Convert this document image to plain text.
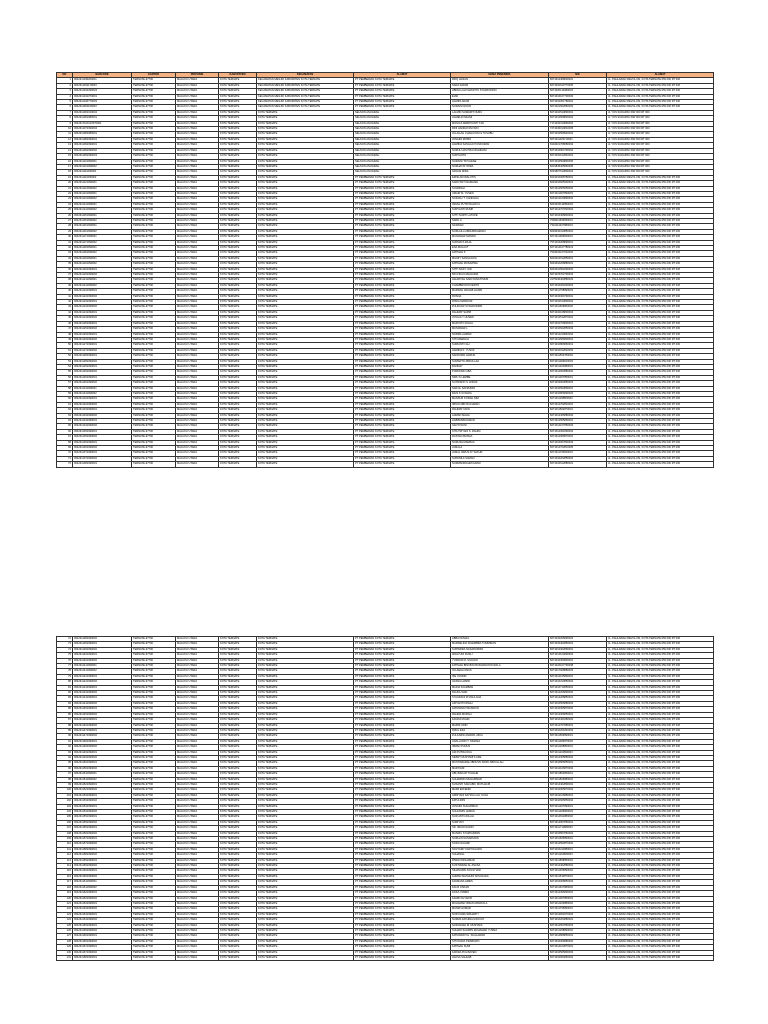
NO	BARCODE	KANTOR	PROVINSI	KABUPATEN	KECAMATAN	ALAMAT	NAMA PENERIMA	NIK	ALAMAT
1	0042311030200011	TERNATE-97700	MALUKU UTARA	KOTA TERNATE	KECAMATAN MESJID KABUPATEN KOTA TERNATE	PT PEMBERIAN KOTA TERNATE	RIFQ HASAN	8271014408030001	JL. PAHLAWAN REVOLUSI, KOTA TERNATE RW 000 RT 000
2	0042311031170003	TERNATE-97700	MALUKU UTARA	KOTA TERNATE	KECAMATAN MESJID KABUPATEN KOTA TERNATE	PT PEMBERIAN KOTA TERNATE	SARA SAFAR	8271010610770005	JL. PAHLAWAN REVOLUSI, KOTA TERNATE RW 000 RT 000
3	0042311031290003	TERNATE-97700	MALUKU UTARA	KOTA TERNATE	KECAMATAN MESJID KABUPATEN KOTA TERNATE	PT PEMBERIAN KOTA TERNATE	ABDULLAH FAMUNTO SYAFRUDDIN	8271020112680004	JL. PAHLAWAN REVOLUSI, KOTA TERNATE RW 000 RT 000
4	0042311041070001	TERNATE-97700	MALUKU UTARA	KOTA TERNATE	KECAMATAN MESJID KABUPATEN KOTA TERNATE	PT PEMBERIAN KOTA TERNATE	ELMI	8271016107700003	JL. PAHLAWAN REVOLUSI, KOTA TERNATE RW 000 RT 000
5	0042311040770003	TERNATE-97700	MALUKU UTARA	KOTA TERNATE	KECAMATAN MESJID KABUPATEN KOTA TERNATE	PT PEMBERIAN KOTA TERNATE	HAMIDI ADAM	8271016301780001	JL. PAHLAWAN REVOLUSI, KOTA TERNATE RW 000 RT 000
6	0042311051160003	TERNATE-97700	MALUKU UTARA	KOTA TERNATE	KECAMATAN MESJID KABUPATEN KOTA TERNATE	PT PEMBERIAN KOTA TERNATE	NURAINI NOUR	8271021602860002	JL. PAHLAWAN REVOLUSI, KOTA TERNATE RW 000 RT 000
7	0042311061010004	TERNATE-97700	MALUKU UTARA	KOTA TERNATE	KOTA TERNATE	NELSON ANUGRAH	LALMIN SUWARIT NURU	8271010510890001	JL YOS SUDARSO RW 000 RT 000
8	0042311061080001	TERNATE-97700	MALUKU UTARA	KOTA TERNATE	KOTA TERNATE	NELSON ANUGRAH	HAMELIN NELMI	8271014508830004	JL YOS SUDARSO RW 000 RT 000
9	0042317101010070001	TERNATE-97700	MALUKU UTARA	KOTA TERNATE	KOTA TERNATE	NELSON ANUGRAH	MONICA FEBRIYANTI TJIA	7171016310890002	JL YOS SUDARSO RW 000 RT 000
10	0042311071090004	TERNATE-97700	MALUKU UTARA	KOTA TERNATE	KOTA TERNATE	NELSON ANUGRAH	RINI HANDAYANI WAY	7271046010810005	JL YOS SUDARSO RW 000 RT 000
11	0042311081080001	TERNATE-97700	MALUKU UTARA	KOTA TERNATE	KOTA TERNATE	NELSON ANUGRAH	JULAILAH CHAHAYANI & TUSUBU	8271016508940003	JL YOS SUDARSO RW 000 RT 000
12	0042311081090001	TERNATE-97700	MALUKU UTARA	KOTA TERNATE	KOTA TERNATE	NELSON ANUGRAH	JUNAIDI MOMO	8271011103710001	JL YOS SUDARSO RW 000 RT 000
13	0042311091090001	TERNATE-97700	MALUKU UTARA	KOTA TERNATE	KOTA TERNATE	NELSON ANUGRAH	HAMIDA SANGAJI PUNDURAN	8104021708680002	JL YOS SUDARSO RW 000 RT 000
14	0042311091090002	TERNATE-97700	MALUKU UTARA	KOTA TERNATE	KOTA TERNATE	NELSON ANUGRAH	NURUL HASYRIA NISHIDANI	8271016904790004	JL YOS SUDARSO RW 000 RT 000
15	0042311091090003	TERNATE-97700	MALUKU UTARA	KOTA TERNATE	KOTA TERNATE	NELSON ANUGRAH	SURYANTO	8271010102840001	JL YOS SUDARSO RW 000 RT 000
16	0042311101090001	TERNATE-97700	MALUKU UTARA	KOTA TERNATE	KOTA TERNATE	NELSON ANUGRAH	NURAINI TATULESE	8271016509890005	JL YOS SUDARSO RW 000 RT 000
17	0042311101090002	TERNATE-97700	MALUKU UTARA	KOTA TERNATE	KOTA TERNATE	NELSON ANUGRAH	NURHAYATI RIRA	8201845405860005	JL YOS SUDARSO RW 000 RT 000
18	0042311111090001	TERNATE-97700	MALUKU UTARA	KOTA TERNATE	KOTA TERNATE	NELSON ANUGRAH	GRACE MIRA	8201807510890004	JL YOS SUDARSO RW 000 RT 000
19	0042311111090002	TERNATE-97700	MALUKU UTARA	KOTA TERNATE	KOTA TERNATE	PT PEMBERIAN KOTA TERNATE	ERNILAM WALUTIS	8201016008780001	JL. PAHLAWAN REVOLUSI, KOTA TERNATE RW 000 RT 000
20	0042311121090001	TERNATE-97700	MALUKU UTARA	KOTA TERNATE	KOTA TERNATE	PT PEMBERIAN KOTA TERNATE	SARIYANTI RAMANIA	8201016605900001	JL. PAHLAWAN REVOLUSI, KOTA TERNATE RW 000 RT 000
21	0042311121090002	TERNATE-97700	MALUKU UTARA	KOTA TERNATE	KOTA TERNATE	PT PEMBERIAN KOTA TERNATE	SYARIFAH	8271014505650002	JL. PAHLAWAN REVOLUSI, KOTA TERNATE RW 000 RT 000
22	0042311131090001	TERNATE-97700	MALUKU UTARA	KOTA TERNATE	KOTA TERNATE	PT PEMBERIAN KOTA TERNATE	UMAIR M. YUSEN	8271011007890003	JL. PAHLAWAN REVOLUSI, KOTA TERNATE RW 000 RT 000
23	0042311131090002	TERNATE-97700	MALUKU UTARA	KOTA TERNATE	KOTA TERNATE	PT PEMBERIAN KOTA TERNATE	NURJALI T. KANDAHA	8201014109890002	JL. PAHLAWAN REVOLUSI, KOTA TERNATE RW 000 RT 000
24	0042311141090001	TERNATE-97700	MALUKU UTARA	KOTA TERNATE	KOTA TERNATE	PT PEMBERIAN KOTA TERNATE	INDAH PUTRI RAHAYU	8201015110890003	JL. PAHLAWAN REVOLUSI, KOTA TERNATE RW 000 RT 000
25	0042311141090002	TERNATE-97700	MALUKU UTARA	KOTA TERNATE	KOTA TERNATE	PT PEMBERIAN KOTA TERNATE	SURYANTI RUMP	8271014707820002	JL. PAHLAWAN REVOLUSI, KOTA TERNATE RW 000 RT 000
26	0042311151090001	TERNATE-97700	MALUKU UTARA	KOTA TERNATE	KOTA TERNATE	PT PEMBERIAN KOTA TERNATE	SITTI NURTI LATUPE	8271016405820001	JL. PAHLAWAN REVOLUSI, KOTA TERNATE RW 000 RT 000
27	0042311151090002	TERNATE-97700	MALUKU UTARA	KOTA TERNATE	KOTA TERNATE	PT PEMBERIAN KOTA TERNATE	SARIL A	7609011606830001	JL. PAHLAWAN REVOLUSI, KOTA TERNATE RW 000 RT 000
28	0042311161090001	TERNATE-97700	MALUKU UTARA	KOTA TERNATE	KOTA TERNATE	PT PEMBERIAN KOTA TERNATE	NASIDAD	7310112407880001	JL. PAHLAWAN REVOLUSI, KOTA TERNATE RW 000 RT 000
29	0042311161090002	TERNATE-97700	MALUKU UTARA	KOTA TERNATE	KOTA TERNATE	PT PEMBERIAN KOTA TERNATE	NURLAILA ABDURRAHMAN	8203034310850001	JL. PAHLAWAN REVOLUSI, KOTA TERNATE RW 000 RT 000
30	0042311171090001	TERNATE-97700	MALUKU UTARA	KOTA TERNATE	KOTA TERNATE	PT PEMBERIAN KOTA TERNATE	MUNAWAR MANDO	8271011906830001	JL. PAHLAWAN REVOLUSI, KOTA TERNATE RW 000 RT 000
31	0042311171090002	TERNATE-97700	MALUKU UTARA	KOTA TERNATE	KOTA TERNATE	PT PEMBERIAN KOTA TERNATE	SUKMAYA RAJA	7571016208890001	JL. PAHLAWAN REVOLUSI, KOTA TERNATE RW 000 RT 000
32	0042311181090001	TERNATE-97700	MALUKU UTARA	KOTA TERNATE	KOTA TERNATE	PT PEMBERIAN KOTA TERNATE	ENA MALAUT	8271014107780013	JL. PAHLAWAN REVOLUSI, KOTA TERNATE RW 000 RT 000
33	0042311181090002	TERNATE-97700	MALUKU UTARA	KOTA TERNATE	KOTA TERNATE	PT PEMBERIAN KOTA TERNATE	FATIMAH P	7504016107640002	JL. PAHLAWAN REVOLUSI, KOTA TERNATE RW 000 RT 000
34	0042311191090001	TERNATE-97700	MALUKU UTARA	KOTA TERNATE	KOTA TERNATE	PT PEMBERIAN KOTA TERNATE	MILMIY SANGAJAYA	8201014612850001	JL. PAHLAWAN REVOLUSI, KOTA TERNATE RW 000 RT 000
35	0042311191090002	TERNATE-97700	MALUKU UTARA	KOTA TERNATE	KOTA TERNATE	PT PEMBERIAN KOTA TERNATE	FATIMAH MUSAWWA	8201010208880001	JL. PAHLAWAN REVOLUSI, KOTA TERNATE RW 000 RT 000
36	0042311201090001	TERNATE-97700	MALUKU UTARA	KOTA TERNATE	KOTA TERNATE	PT PEMBERIAN KOTA TERNATE	SITTI NASY 'AID	8201012501890002	JL. PAHLAWAN REVOLUSI, KOTA TERNATE RW 000 RT 000
37	0042311201090002	TERNATE-97700	MALUKU UTARA	KOTA TERNATE	KOTA TERNATE	PT PEMBERIAN KOTA TERNATE	RIN FIKA DJAUHARIA	8271015702790003	JL. PAHLAWAN REVOLUSI, KOTA TERNATE RW 000 RT 000
38	0042311211090001	TERNATE-97700	MALUKU UTARA	KOTA TERNATE	KOTA TERNATE	PT PEMBERIAN KOTA TERNATE	HALWIYAH SADI PANGTISINS	3175046403880003	JL. PAHLAWAN REVOLUSI, KOTA TERNATE RW 000 RT 000
39	0042311211090002	TERNATE-97700	MALUKU UTARA	KOTA TERNATE	KOTA TERNATE	PT PEMBERIAN KOTA TERNATE	CHAMBRUDIN KERTO	8271016201820004	JL. PAHLAWAN REVOLUSI, KOTA TERNATE RW 000 RT 000
40	0042311221090001	TERNATE-97700	MALUKU UTARA	KOTA TERNATE	KOTA TERNATE	PT PEMBERIAN KOTA TERNATE	MARDAH WAHAB HANIN	8271011708890003	JL. PAHLAWAN REVOLUSI, KOTA TERNATE RW 000 RT 000
41	0042311221090002	TERNATE-97700	MALUKU UTARA	KOTA TERNATE	KOTA TERNATE	PT PEMBERIAN KOTA TERNATE	ROSNA	8271016309790001	JL. PAHLAWAN REVOLUSI, KOTA TERNATE RW 000 RT 000
42	0042311231090001	TERNATE-97700	MALUKU UTARA	KOTA TERNATE	KOTA TERNATE	PT PEMBERIAN KOTA TERNATE	RISKA MARDANI	8271016610890003	JL. PAHLAWAN REVOLUSI, KOTA TERNATE RW 000 RT 000
43	0042311231090002	TERNATE-97700	MALUKU UTARA	KOTA TERNATE	KOTA TERNATE	PT PEMBERIAN KOTA TERNATE	ZULFIKAR SYAHRUDDIN	8271011609860002	JL. PAHLAWAN REVOLUSI, KOTA TERNATE RW 000 RT 000
44	0042311241090001	TERNATE-97700	MALUKU UTARA	KOTA TERNATE	KOTA TERNATE	PT PEMBERIAN KOTA TERNATE	RAHMAT SAPRI	8271010108830004	JL. PAHLAWAN REVOLUSI, KOTA TERNATE RW 000 RT 000
45	0042311241090002	TERNATE-97700	MALUKU UTARA	KOTA TERNATE	KOTA TERNATE	PT PEMBERIAN KOTA TERNATE	JUNILIA Y HUSEN	8271014512870001	JL. PAHLAWAN REVOLUSI, KOTA TERNATE RW 000 RT 000
46	0042311251090001	TERNATE-97700	MALUKU UTARA	KOTA TERNATE	KOTA TERNATE	PT PEMBERIAN KOTA TERNATE	MARYATO DJALU	8271010709800001	JL. PAHLAWAN REVOLUSI, KOTA TERNATE RW 000 RT 000
47	0042311251090002	TERNATE-97700	MALUKU UTARA	KOTA TERNATE	KOTA TERNATE	PT PEMBERIAN KOTA TERNATE	MUNAWAR L	8271016602850002	JL. PAHLAWAN REVOLUSI, KOTA TERNATE RW 000 RT 000
48	0042311261090001	TERNATE-97700	MALUKU UTARA	KOTA TERNATE	KOTA TERNATE	PT PEMBERIAN KOTA TERNATE	NORMA AHMAD	8271014210840004	JL. PAHLAWAN REVOLUSI, KOTA TERNATE RW 000 RT 000
49	0042311261090002	TERNATE-97700	MALUKU UTARA	KOTA TERNATE	KOTA TERNATE	PT PEMBERIAN KOTA TERNATE	SITI MAEDAH	8271014506800001	JL. PAHLAWAN REVOLUSI, KOTA TERNATE RW 000 RT 000
50	0042311271090001	TERNATE-97700	MALUKU UTARA	KOTA TERNATE	KOTA TERNATE	PT PEMBERIAN KOTA TERNATE	SURIANTO ALI	8271010806860001	JL. PAHLAWAN REVOLUSI, KOTA TERNATE RW 000 RT 000
51	0042311271090002	TERNATE-97700	MALUKU UTARA	KOTA TERNATE	KOTA TERNATE	PT PEMBERIAN KOTA TERNATE	HAMIDA K. YUSUF	8271016012810003	JL. PAHLAWAN REVOLUSI, KOTA TERNATE RW 000 RT 000
52	0042311281090001	TERNATE-97700	MALUKU UTARA	KOTA TERNATE	KOTA TERNATE	PT PEMBERIAN KOTA TERNATE	SAFRUDIN HARUN	8271011503780002	JL. PAHLAWAN REVOLUSI, KOTA TERNATE RW 000 RT 000
53	0042311281090002	TERNATE-97700	MALUKU UTARA	KOTA TERNATE	KOTA TERNATE	PT PEMBERIAN KOTA TERNATE	SUMARTO ABDULLAH	8271011009810003	JL. PAHLAWAN REVOLUSI, KOTA TERNATE RW 000 RT 000
54	0042311291090001	TERNATE-97700	MALUKU UTARA	KOTA TERNATE	KOTA TERNATE	PT PEMBERIAN KOTA TERNATE	RANDAY	8271011204880001	JL. PAHLAWAN REVOLUSI, KOTA TERNATE RW 000 RT 000
55	0042311291090002	TERNATE-97700	MALUKU UTARA	KOTA TERNATE	KOTA TERNATE	PT PEMBERIAN KOTA TERNATE	PURNOMO ABA	8271014903880002	JL. PAHLAWAN REVOLUSI, KOTA TERNATE RW 000 RT 000
56	0042311301090001	TERNATE-97700	MALUKU UTARA	KOTA TERNATE	KOTA TERNATE	PT PEMBERIAN KOTA TERNATE	NIRU S LEMBE	8271011307850001	JL. PAHLAWAN REVOLUSI, KOTA TERNATE RW 000 RT 000
57	0042311301090002	TERNATE-97700	MALUKU UTARA	KOTA TERNATE	KOTA TERNATE	PT PEMBERIAN KOTA TERNATE	SUTRISNO S. DIRUS	8271015003850003	JL. PAHLAWAN REVOLUSI, KOTA TERNATE RW 000 RT 000
58	0042311311090001	TERNATE-97700	MALUKU UTARA	KOTA TERNATE	KOTA TERNATE	PT PEMBERIAN KOTA TERNATE	SAIFUL SAFRUDIN	8271016503890001	JL. PAHLAWAN REVOLUSI, KOTA TERNATE RW 000 RT 000
59	0042311311090002	TERNATE-97700	MALUKU UTARA	KOTA TERNATE	KOTA TERNATE	PT PEMBERIAN KOTA TERNATE	RAIS S SYAHDA	8271010806890002	JL. PAHLAWAN REVOLUSI, KOTA TERNATE RW 000 RT 000
60	0042311321090001	TERNATE-97700	MALUKU UTARA	KOTA TERNATE	KOTA TERNATE	PT PEMBERIAN KOTA TERNATE	MANSUR KORAH NIM	8271011108860003	JL. PAHLAWAN REVOLUSI, KOTA TERNATE RW 000 RT 000
61	0042311321090002	TERNATE-97700	MALUKU UTARA	KOTA TERNATE	KOTA TERNATE	PT PEMBERIAN KOTA TERNATE	IRFAN ABD RACHMAN	8271014702810001	JL. PAHLAWAN REVOLUSI, KOTA TERNATE RW 000 RT 000
62	0042311331090001	TERNATE-97700	MALUKU UTARA	KOTA TERNATE	KOTA TERNATE	PT PEMBERIAN KOTA TERNATE	RAHMAT UDIN	8271011502870001	JL. PAHLAWAN REVOLUSI, KOTA TERNATE RW 000 RT 000
63	0042311331090002	TERNATE-97700	MALUKU UTARA	KOTA TERNATE	KOTA TERNATE	PT PEMBERIAN KOTA TERNATE	AHMAD MAHA	8271014405880002	JL. PAHLAWAN REVOLUSI, KOTA TERNATE RW 000 RT 000
64	0042311341090001	TERNATE-97700	MALUKU UTARA	KOTA TERNATE	KOTA TERNATE	PT PEMBERIAN KOTA TERNATE	HABIBURRAHMAN	8271012505890001	JL. PAHLAWAN REVOLUSI, KOTA TERNATE RW 000 RT 000
65	0042311341090002	TERNATE-97700	MALUKU UTARA	KOTA TERNATE	KOTA TERNATE	PT PEMBERIAN KOTA TERNATE	SANTI NUNI	8271014107850004	JL. PAHLAWAN REVOLUSI, KOTA TERNATE RW 000 RT 000
66	0042311351090001	TERNATE-97700	MALUKU UTARA	KOTA TERNATE	KOTA TERNATE	PT PEMBERIAN KOTA TERNATE	SITA TRIYANI S. RAHIM	8271014301890002	JL. PAHLAWAN REVOLUSI, KOTA TERNATE RW 000 RT 000
67	0042311351090002	TERNATE-97700	MALUKU UTARA	KOTA TERNATE	KOTA TERNATE	PT PEMBERIAN KOTA TERNATE	RUSTAN BUNGA	8271014006870001	JL. PAHLAWAN REVOLUSI, KOTA TERNATE RW 000 RT 000
68	0042311361090001	TERNATE-97700	MALUKU UTARA	KOTA TERNATE	KOTA TERNATE	PT PEMBERIAN KOTA TERNATE	NURLIFA MAHBUA	8271016007830003	JL. PAHLAWAN REVOLUSI, KOTA TERNATE RW 000 RT 000
69	0042311361090002	TERNATE-97700	MALUKU UTARA	KOTA TERNATE	KOTA TERNATE	PT PEMBERIAN KOTA TERNATE	JAMALA	8271014702810005	JL. PAHLAWAN REVOLUSI, KOTA TERNATE RW 000 RT 000
70	0042311371090001	TERNATE-97700	MALUKU UTARA	KOTA TERNATE	KOTA TERNATE	PT PEMBERIAN KOTA TERNATE	JAMAL IDRUS AY SAFUR	8271011706840001	JL. PAHLAWAN REVOLUSI, KOTA TERNATE RW 000 RT 000
71	0042311371090002	TERNATE-97700	MALUKU UTARA	KOTA TERNATE	KOTA TERNATE	PT PEMBERIAN KOTA TERNATE	SUPANILA SAMAN	8271016202850002	JL. PAHLAWAN REVOLUSI, KOTA TERNATE RW 000 RT 000
72	0042311381090001	TERNATE-97700	MALUKU UTARA	KOTA TERNATE	KOTA TERNATE	PT PEMBERIAN KOTA TERNATE	NURMANIRAHMI ADAM	8271016612880001	JL. PAHLAWAN REVOLUSI, KOTA TERNATE RW 000 RT 000
72	0042311381090002	TERNATE-97700	MALUKU UTARA	KOTA TERNATE	KOTA TERNATE	PT PEMBERIAN KOTA TERNATE	ABBA DUMAIL	8271016206890003	JL. PAHLAWAN REVOLUSI, KOTA TERNATE RW 000 RT 000
73	0042311391090001	TERNATE-97700	MALUKU UTARA	KOTA TERNATE	KOTA TERNATE	PT PEMBERIAN KOTA TERNATE	MARDELINA KIGEMBRA TOMMIRAN	8271016403850001	JL. PAHLAWAN REVOLUSI, KOTA TERNATE RW 000 RT 000
74	0042311391090002	TERNATE-97700	MALUKU UTARA	KOTA TERNATE	KOTA TERNATE	PT PEMBERIAN KOTA TERNATE	SUPINDRA NASARUDDIN	8271014302890001	JL. PAHLAWAN REVOLUSI, KOTA TERNATE RW 000 RT 000
75	0042311401090001	TERNATE-97700	MALUKU UTARA	KOTA TERNATE	KOTA TERNATE	PT PEMBERIAN KOTA TERNATE	WAHYUNI RUSLI	8271014104890002	JL. PAHLAWAN REVOLUSI, KOTA TERNATE RW 000 RT 000
76	0042311401090002	TERNATE-97700	MALUKU UTARA	KOTA TERNATE	KOTA TERNATE	PT PEMBERIAN KOTA TERNATE	YUSNUR M. SOLIHIN	8271016303830001	JL. PAHLAWAN REVOLUSI, KOTA TERNATE RW 000 RT 000
77	0042311411090001	TERNATE-97700	MALUKU UTARA	KOTA TERNATE	KOTA TERNATE	PT PEMBERIAN KOTA TERNATE	FATIMAH BINI BINI BURHANUDIN WALA	8271016107790008	JL. PAHLAWAN REVOLUSI, KOTA TERNATE RW 000 RT 000
78	0042311411090002	TERNATE-97700	MALUKU UTARA	KOTA TERNATE	KOTA TERNATE	PT PEMBERIAN KOTA TERNATE	JULAEHA ONAS	8271017008880003	JL. PAHLAWAN REVOLUSI, KOTA TERNATE RW 000 RT 000
79	0042311421090001	TERNATE-97700	MALUKU UTARA	KOTA TERNATE	KOTA TERNATE	PT PEMBERIAN KOTA TERNATE	IKE YASDIN	8271014105890001	JL. PAHLAWAN REVOLUSI, KOTA TERNATE RW 000 RT 000
80	0042311421090002	TERNATE-97700	MALUKU UTARA	KOTA TERNATE	KOTA TERNATE	PT PEMBERIAN KOTA TERNATE	HASNA HAMID	8271016310850002	JL. PAHLAWAN REVOLUSI, KOTA TERNATE RW 000 RT 000
81	0042311431090001	TERNATE-97700	MALUKU UTARA	KOTA TERNATE	KOTA TERNATE	PT PEMBERIAN KOTA TERNATE	MAINA DJAMBAN	8271016712850001	JL. PAHLAWAN REVOLUSI, KOTA TERNATE RW 000 RT 000
82	0042311431090002	TERNATE-97700	MALUKU UTARA	KOTA TERNATE	KOTA TERNATE	PT PEMBERIAN KOTA TERNATE	RAUFA SAID	8271014206890002	JL. PAHLAWAN REVOLUSI, KOTA TERNATE RW 000 RT 000
83	0042311441090001	TERNATE-97700	MALUKU UTARA	KOTA TERNATE	KOTA TERNATE	PT PEMBERIAN KOTA TERNATE	SYAHDANI M MAULANA	8271014208850001	JL. PAHLAWAN REVOLUSI, KOTA TERNATE RW 000 RT 000
84	0042311441090002	TERNATE-97700	MALUKU UTARA	KOTA TERNATE	KOTA TERNATE	PT PEMBERIAN KOTA TERNATE	ARIYANTI DINAH	8271016506880003	JL. PAHLAWAN REVOLUSI, KOTA TERNATE RW 000 RT 000
85	0042311451090001	TERNATE-97700	MALUKU UTARA	KOTA TERNATE	KOTA TERNATE	PT PEMBERIAN KOTA TERNATE	FATMAWATI BASIRUN	8271016305870002	JL. PAHLAWAN REVOLUSI, KOTA TERNATE RW 000 RT 000
86	0042311451090002	TERNATE-97700	MALUKU UTARA	KOTA TERNATE	KOTA TERNATE	PT PEMBERIAN KOTA TERNATE	RAHMA MURAH	8271014306850001	JL. PAHLAWAN REVOLUSI, KOTA TERNATE RW 000 RT 000
87	0042311461090001	TERNATE-97700	MALUKU UTARA	KOTA TERNATE	KOTA TERNATE	PT PEMBERIAN KOTA TERNATE	FAUZIA MUHD	8271016401880002	JL. PAHLAWAN REVOLUSI, KOTA TERNATE RW 000 RT 000
88	0042311461090002	TERNATE-97700	MALUKU UTARA	KOTA TERNATE	KOTA TERNATE	PT PEMBERIAN KOTA TERNATE	MARNI UDIN	8271014707880001	JL. PAHLAWAN REVOLUSI, KOTA TERNATE RW 000 RT 000
89	0042311471090001	TERNATE-97700	MALUKU UTARA	KOTA TERNATE	KOTA TERNATE	PT PEMBERIAN KOTA TERNATE	RIZAL EKA	8271010201840003	JL. PAHLAWAN REVOLUSI, KOTA TERNATE RW 000 RT 000
90	0042311471090002	TERNATE-97700	MALUKU UTARA	KOTA TERNATE	KOTA TERNATE	PT PEMBERIAN KOTA TERNATE	ZULKARNI ANWAR, ABI.A	8271011506890001	JL. PAHLAWAN REVOLUSI, KOTA TERNATE RW 000 RT 000
91	0042311481090001	TERNATE-97700	MALUKU UTARA	KOTA TERNATE	KOTA TERNATE	PT PEMBERIAN KOTA TERNATE	ANALLUDIN T. NIDAMA	8271011009870002	JL. PAHLAWAN REVOLUSI, KOTA TERNATE RW 000 RT 000
92	0042311481090002	TERNATE-97700	MALUKU UTARA	KOTA TERNATE	KOTA TERNATE	PT PEMBERIAN KOTA TERNATE	IRMAN PUNUS	8271011208850001	JL. PAHLAWAN REVOLUSI, KOTA TERNATE RW 000 RT 000
93	0042311491090001	TERNATE-97700	MALUKU UTARA	KOTA TERNATE	KOTA TERNATE	PT PEMBERIAN KOTA TERNATE	ADI PUTRA DUA	8271011104890003	JL. PAHLAWAN REVOLUSI, KOTA TERNATE RW 000 RT 000
94	0042311491090002	TERNATE-97700	MALUKU UTARA	KOTA TERNATE	KOTA TERNATE	PT PEMBERIAN KOTA TERNATE	SIMINT MUSTAMI'S ADE	8271014305880002	JL. PAHLAWAN REVOLUSI, KOTA TERNATE RW 000 RT 000
95	0042311501090001	TERNATE-97700	MALUKU UTARA	KOTA TERNATE	KOTA TERNATE	PT PEMBERIAN KOTA TERNATE	MUSTAWARAH IBNUSN SIDIKI ABDULLAH	8271016806850001	JL. PAHLAWAN REVOLUSI, KOTA TERNATE RW 000 RT 000
96	0042311501090002	TERNATE-97700	MALUKU UTARA	KOTA TERNATE	KOTA TERNATE	PT PEMBERIAN KOTA TERNATE	MARIYANI	8271014106870002	JL. PAHLAWAN REVOLUSI, KOTA TERNATE RW 000 RT 000
97	0042311511090001	TERNATE-97700	MALUKU UTARA	KOTA TERNATE	KOTA TERNATE	PT PEMBERIAN KOTA TERNATE	ABU BAKAR TUHAHE	8271011802850001	JL. PAHLAWAN REVOLUSI, KOTA TERNATE RW 000 RT 000
98	0042311511090002	TERNATE-97700	MALUKU UTARA	KOTA TERNATE	KOTA TERNATE	PT PEMBERIAN KOTA TERNATE	SUHARDIN MUHAMMAD	8271011503880002	JL. PAHLAWAN REVOLUSI, KOTA TERNATE RW 000 RT 000
99	0042311521090001	TERNATE-97700	MALUKU UTARA	KOTA TERNATE	KOTA TERNATE	PT PEMBERIAN KOTA TERNATE	SUSANTI SAM ABD. MUTHALIB	8271014402890001	JL. PAHLAWAN REVOLUSI, KOTA TERNATE RW 000 RT 000
100	0042311521090002	TERNATE-97700	MALUKU UTARA	KOTA TERNATE	KOTA TERNATE	PT PEMBERIAN KOTA TERNATE	MAIRI EFFENDI	8271016005870003	JL. PAHLAWAN REVOLUSI, KOTA TERNATE RW 000 RT 000
101	0042311531090001	TERNATE-97700	MALUKU UTARA	KOTA TERNATE	KOTA TERNATE	PT PEMBERIAN KOTA TERNATE	ARDIYANI SAYFULLAH, SYAH	8271014106880001	JL. PAHLAWAN REVOLUSI, KOTA TERNATE RW 000 RT 000
102	0042311531090002	TERNATE-97700	MALUKU UTARA	KOTA TERNATE	KOTA TERNATE	PT PEMBERIAN KOTA TERNATE	FATULIDIN	8271010605850002	JL. PAHLAWAN REVOLUSI, KOTA TERNATE RW 000 RT 000
103	0042311541090001	TERNATE-97700	MALUKU UTARA	KOTA TERNATE	KOTA TERNATE	PT PEMBERIAN KOTA TERNATE	JUNAIDI SUHARMAJI	8271011307890001	JL. PAHLAWAN REVOLUSI, KOTA TERNATE RW 000 RT 000
104	0042311541090002	TERNATE-97700	MALUKU UTARA	KOTA TERNATE	KOTA TERNATE	PT PEMBERIAN KOTA TERNATE	SULFAMIN LEMAN	8271011209860003	JL. PAHLAWAN REVOLUSI, KOTA TERNATE RW 000 RT 000
105	0042311551090001	TERNATE-97700	MALUKU UTARA	KOTA TERNATE	KOTA TERNATE	PT PEMBERIAN KOTA TERNATE	NUR ANTOJOLAH	8271014811880002	JL. PAHLAWAN REVOLUSI, KOTA TERNATE RW 000 RT 000
106	0042311551090002	TERNATE-97700	MALUKU UTARA	KOTA TERNATE	KOTA TERNATE	PT PEMBERIAN KOTA TERNATE	SURIYATI	8271014907850001	JL. PAHLAWAN REVOLUSI, KOTA TERNATE RW 000 RT 000
107	0042311561090001	TERNATE-97700	MALUKU UTARA	KOTA TERNATE	KOTA TERNATE	PT PEMBERIAN KOTA TERNATE	SR. IRFAN NADIN	8271011711880003	JL. PAHLAWAN REVOLUSI, KOTA TERNATE RW 000 RT 000
108	0042311561090002	TERNATE-97700	MALUKU UTARA	KOTA TERNATE	KOTA TERNATE	PT PEMBERIAN KOTA TERNATE	MASRIU SYAMSUDDIN	8271016807860002	JL. PAHLAWAN REVOLUSI, KOTA TERNATE RW 000 RT 000
109	0042311571090001	TERNATE-97700	MALUKU UTARA	KOTA TERNATE	KOTA TERNATE	PT PEMBERIAN KOTA TERNATE	NURLAN NASARUDIN	8271011605890001	JL. PAHLAWAN REVOLUSI, KOTA TERNATE RW 000 RT 000
110	0042311571090002	TERNATE-97700	MALUKU UTARA	KOTA TERNATE	KOTA TERNATE	PT PEMBERIAN KOTA TERNATE	SOFIA NAJAMI	8271014503870002	JL. PAHLAWAN REVOLUSI, KOTA TERNATE RW 000 RT 000
111	0042311581090001	TERNATE-97700	MALUKU UTARA	KOTA TERNATE	KOTA TERNATE	PT PEMBERIAN KOTA TERNATE	NOVYAMY FARYOGARO	8271016211880001	JL. PAHLAWAN REVOLUSI, KOTA TERNATE RW 000 RT 000
112	0042311581090002	TERNATE-97700	MALUKU UTARA	KOTA TERNATE	KOTA TERNATE	PT PEMBERIAN KOTA TERNATE	SUHANGL	8271011104860003	JL. PAHLAWAN REVOLUSI, KOTA TERNATE RW 000 RT 000
113	0042311591090001	TERNATE-97700	MALUKU UTARA	KOTA TERNATE	KOTA TERNATE	PT PEMBERIAN KOTA TERNATE	RIWAN MOHAMAD	8271011808850002	JL. PAHLAWAN REVOLUSI, KOTA TERNATE RW 000 RT 000
114	0042311591090002	TERNATE-97700	MALUKU UTARA	KOTA TERNATE	KOTA TERNATE	PT PEMBERIAN KOTA TERNATE	KUSTIAWAH AL ANASA	8271014402880001	JL. PAHLAWAN REVOLUSI, KOTA TERNATE RW 000 RT 000
115	0042311601090001	TERNATE-97700	MALUKU UTARA	KOTA TERNATE	KOTA TERNATE	PT PEMBERIAN KOTA TERNATE	SIHANUDIN DOLSYIAID	8271011305890002	JL. PAHLAWAN REVOLUSI, KOTA TERNATE RW 000 RT 000
116	0042311601090002	TERNATE-97700	MALUKU UTARA	KOTA TERNATE	KOTA TERNATE	PT PEMBERIAN KOTA TERNATE	AHMAD MASHUDI NOVAJADA	8271011510870001	JL. PAHLAWAN REVOLUSI, KOTA TERNATE RW 000 RT 000
117	0042311611090001	TERNATE-97700	MALUKU UTARA	KOTA TERNATE	KOTA TERNATE	PT PEMBERIAN KOTA TERNATE	FAHMANA ARIES	8271016008850003	JL. PAHLAWAN REVOLUSI, KOTA TERNATE RW 000 RT 000
118	0042311611090002	TERNATE-97700	MALUKU UTARA	KOTA TERNATE	KOTA TERNATE	PT PEMBERIAN KOTA TERNATE	FALDI OSKAR	8271011407880002	JL. PAHLAWAN REVOLUSI, KOTA TERNATE RW 000 RT 000
119	0042311621090001	TERNATE-97700	MALUKU UTARA	KOTA TERNATE	KOTA TERNATE	PT PEMBERIAN KOTA TERNATE	FAIKA YAMBO	8271014306890001	JL. PAHLAWAN REVOLUSI, KOTA TERNATE RW 000 RT 000
120	0042311621090002	TERNATE-97700	MALUKU UTARA	KOTA TERNATE	KOTA TERNATE	PT PEMBERIAN KOTA TERNATE	FAHMI KHYAKIR	8271011007850003	JL. PAHLAWAN REVOLUSI, KOTA TERNATE RW 000 RT 000
121	0042311631090001	TERNATE-97700	MALUKU UTARA	KOTA TERNATE	KOTA TERNATE	PT PEMBERIAN KOTA TERNATE	MUHAMAD IRFAN MANDOLA	8271011203880002	JL. PAHLAWAN REVOLUSI, KOTA TERNATE RW 000 RT 000
122	0042311631090002	TERNATE-97700	MALUKU UTARA	KOTA TERNATE	KOTA TERNATE	PT PEMBERIAN KOTA TERNATE	MUNIR HUMAR	8271011705890001	JL. PAHLAWAN REVOLUSI, KOTA TERNATE RW 000 RT 000
123	0042311641090001	TERNATE-97700	MALUKU UTARA	KOTA TERNATE	KOTA TERNATE	PT PEMBERIAN KOTA TERNATE	NUR KAWA SRIHARTI	8271014601870002	JL. PAHLAWAN REVOLUSI, KOTA TERNATE RW 000 RT 000
124	0042311641090002	TERNATE-97700	MALUKU UTARA	KOTA TERNATE	KOTA TERNATE	PT PEMBERIAN KOTA TERNATE	NURMA FATHIRA HIDAYAT	8271016204880001	JL. PAHLAWAN REVOLUSI, KOTA TERNATE RW 000 RT 000
125	0042311651090001	TERNATE-97700	MALUKU UTARA	KOTA TERNATE	KOTA TERNATE	PT PEMBERIAN KOTA TERNATE	NURJANAH M. MUSTAFA	8271014507860003	JL. PAHLAWAN REVOLUSI, KOTA TERNATE RW 000 RT 000
126	0042311651090002	TERNATE-97700	MALUKU UTARA	KOTA TERNATE	KOTA TERNATE	PT PEMBERIAN KOTA TERNATE	SUHADI SAHIRIN MUHAMAD YUSMA	8271011208890002	JL. PAHLAWAN REVOLUSI, KOTA TERNATE RW 000 RT 000
127	0042311661090001	TERNATE-97700	MALUKU UTARA	KOTA TERNATE	KOTA TERNATE	PT PEMBERIAN KOTA TERNATE	FATMAWATI H. SUALAWAR	8271014808850001	JL. PAHLAWAN REVOLUSI, KOTA TERNATE RW 000 RT 000
128	0042311661090002	TERNATE-97700	MALUKU UTARA	KOTA TERNATE	KOTA TERNATE	PT PEMBERIAN KOTA TERNATE	SITI RADIA PRABOWO	8271016309880002	JL. PAHLAWAN REVOLUSI, KOTA TERNATE RW 000 RT 000
129	0042311671090001	TERNATE-97700	MALUKU UTARA	KOTA TERNATE	KOTA TERNATE	PT PEMBERIAN KOTA TERNATE	FATIMAH SUMI	8271014102870001	JL. PAHLAWAN REVOLUSI, KOTA TERNATE RW 000 RT 000
130	0042311671090002	TERNATE-97700	MALUKU UTARA	KOTA TERNATE	KOTA TERNATE	PT PEMBERIAN KOTA TERNATE	FARIDA POLINATEN	8271016505890003	JL. PAHLAWAN REVOLUSI, KOTA TERNATE RW 000 RT 000
131	0042311681090001	TERNATE-97700	MALUKU UTARA	KOTA TERNATE	KOTA TERNATE	PT PEMBERIAN KOTA TERNATE	HAFSA SALEAB	8271016904860002	JL. PAHLAWAN REVOLUSI, KOTA TERNATE RW 000 RT 000
